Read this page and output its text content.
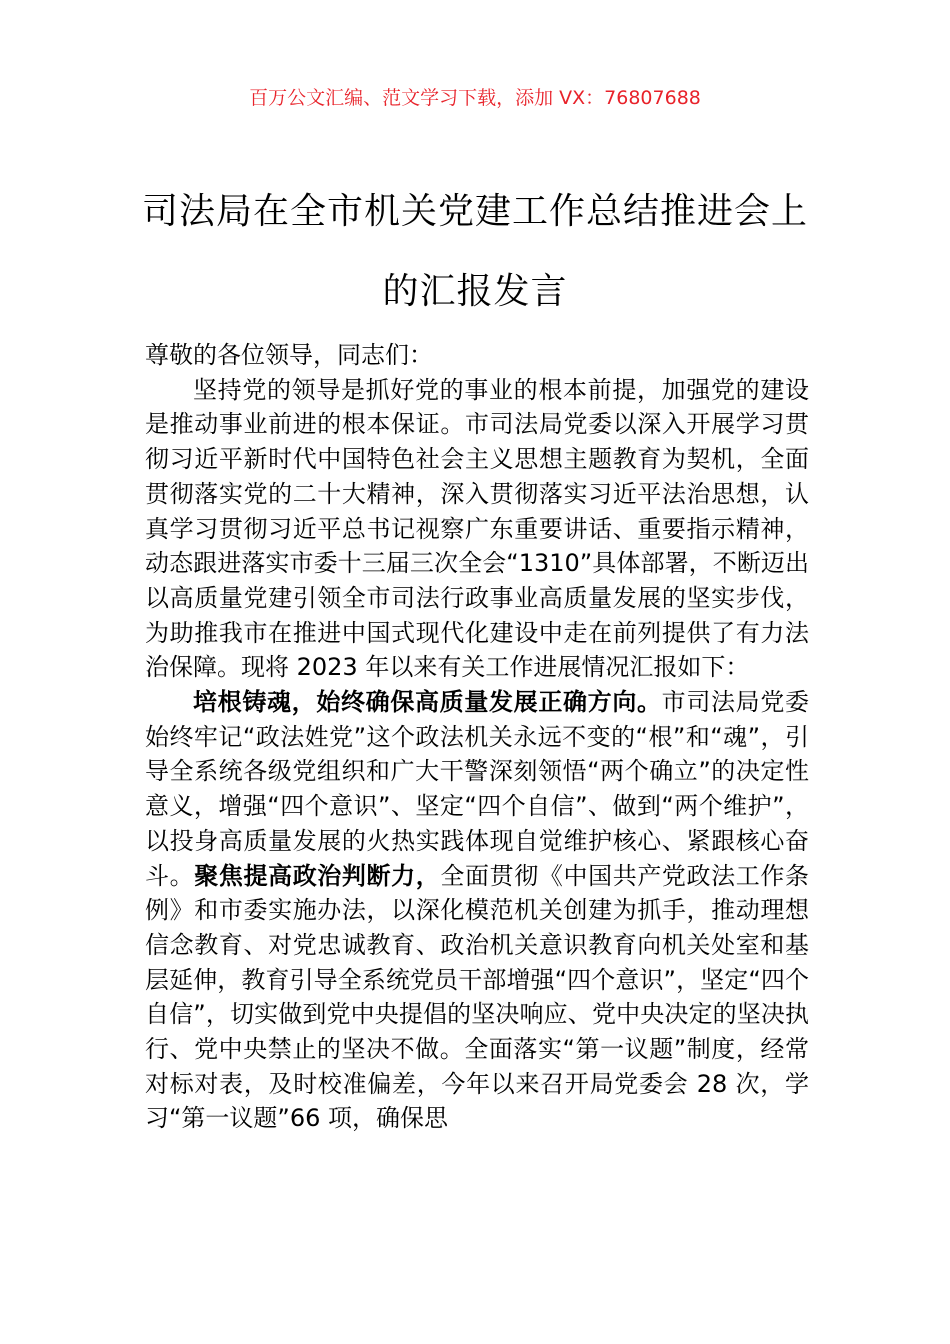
百万公文汇编、范文学习下载，添加 VX：76807688
司法局在全市机关党建工作总结推进会上的汇报发言

尊敬的各位领导，同志们：

坚持党的领导是抓好党的事业的根本前提，加强党的建设是推动事业前进的根本保证。市司法局党委以深入开展学习贯彻习近平新时代中国特色社会主义思想主题教育为契机，全面贯彻落实党的二十大精神，深入贯彻落实习近平法治思想，认真学习贯彻习近平总书记视察广东重要讲话、重要指示精神，动态跟进落实市委十三届三次全会“1310”具体部署，不断迈出以高质量党建引领全市司法行政事业高质量发展的坚实步伐，为助推我市在推进中国式现代化建设中走在前列提供了有力法治保障。现将 2023 年以来有关工作进展情况汇报如下：

培根铸魂，始终确保高质量发展正确方向。市司法局党委始终牢记“政法姓党”这个政法机关永远不变的“根”和“魂”，引导全系统各级党组织和广大干警深刻领悟“两个确立”的决定性意义，增强“四个意识”、坚定“四个自信”、做到“两个维护”，以投身高质量发展的火热实践体现自觉维护核心、紧跟核心奋斗。聚焦提高政治判断力，全面贯彻《中国共产党政法工作条例》和市委实施办法，以深化模范机关创建为抓手，推动理想信念教育、对党忠诚教育、政治机关意识教育向机关处室和基层延伸，教育引导全系统党员干部增强“四个意识”，坚定“四个自信”，切实做到党中央提倡的坚决响应、党中央决定的坚决执行、党中央禁止的坚决不做。全面落实“第一议题”制度，经常对标对表，及时校准偏差，今年以来召开局党委会 28 次，学习“第一议题”66 项，确保思
